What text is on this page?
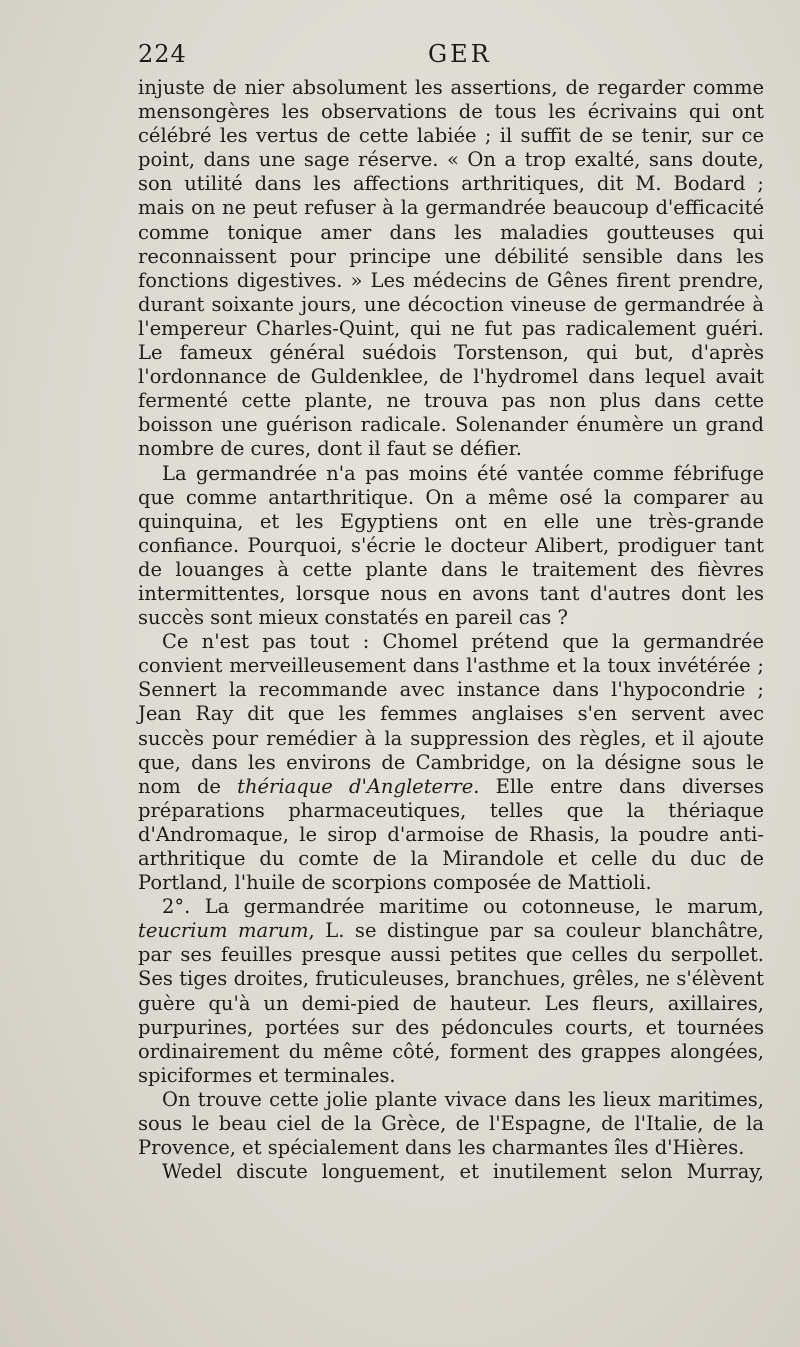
224	GER

injuste de nier absolument les assertions, de regarder comme mensongères les observations de tous les écrivains qui ont célébré les vertus de cette labiée ; il suffit de se tenir, sur ce point, dans une sage réserve. « On a trop exalté, sans doute, son utilité dans les affections arthritiques, dit M. Bodard ; mais on ne peut refuser à la germandrée beaucoup d'efficacité comme tonique amer dans les maladies goutteuses qui reconnaissent pour principe une débilité sensible dans les fonctions digestives. » Les médecins de Gênes firent prendre, durant soixante jours, une décoction vineuse de germandrée à l'empereur Charles-Quint, qui ne fut pas radicalement guéri. Le fameux général suédois Torstenson, qui but, d'après l'ordonnance de Guldenklee, de l'hydromel dans lequel avait fermenté cette plante, ne trouva pas non plus dans cette boisson une guérison radicale. Solenander énumère un grand nombre de cures, dont il faut se défier.

La germandrée n'a pas moins été vantée comme fébrifuge que comme antarthritique. On a même osé la comparer au quinquina, et les Egyptiens ont en elle une très-grande confiance. Pourquoi, s'écrie le docteur Alibert, prodiguer tant de louanges à cette plante dans le traitement des fièvres intermittentes, lorsque nous en avons tant d'autres dont les succès sont mieux constatés en pareil cas ?

Ce n'est pas tout : Chomel prétend que la germandrée convient merveilleusement dans l'asthme et la toux invétérée ; Sennert la recommande avec instance dans l'hypocondrie ; Jean Ray dit que les femmes anglaises s'en servent avec succès pour remédier à la suppression des règles, et il ajoute que, dans les environs de Cambridge, on la désigne sous le nom de thériaque d'Angleterre. Elle entre dans diverses préparations pharmaceutiques, telles que la thériaque d'Andromaque, le sirop d'armoise de Rhasis, la poudre anti-arthritique du comte de la Mirandole et celle du duc de Portland, l'huile de scorpions composée de Mattioli.

2°. La germandrée maritime ou cotonneuse, le marum, teucrium marum, L. se distingue par sa couleur blanchâtre, par ses feuilles presque aussi petites que celles du serpollet. Ses tiges droites, fruticuleuses, branchues, grêles, ne s'élèvent guère qu'à un demi-pied de hauteur. Les fleurs, axillaires, purpurines, portées sur des pédoncules courts, et tournées ordinairement du même côté, forment des grappes alongées, spiciformes et terminales.

On trouve cette jolie plante vivace dans les lieux maritimes, sous le beau ciel de la Grèce, de l'Espagne, de l'Italie, de la Provence, et spécialement dans les charmantes îles d'Hières.

Wedel discute longuement, et inutilement selon Murray,
